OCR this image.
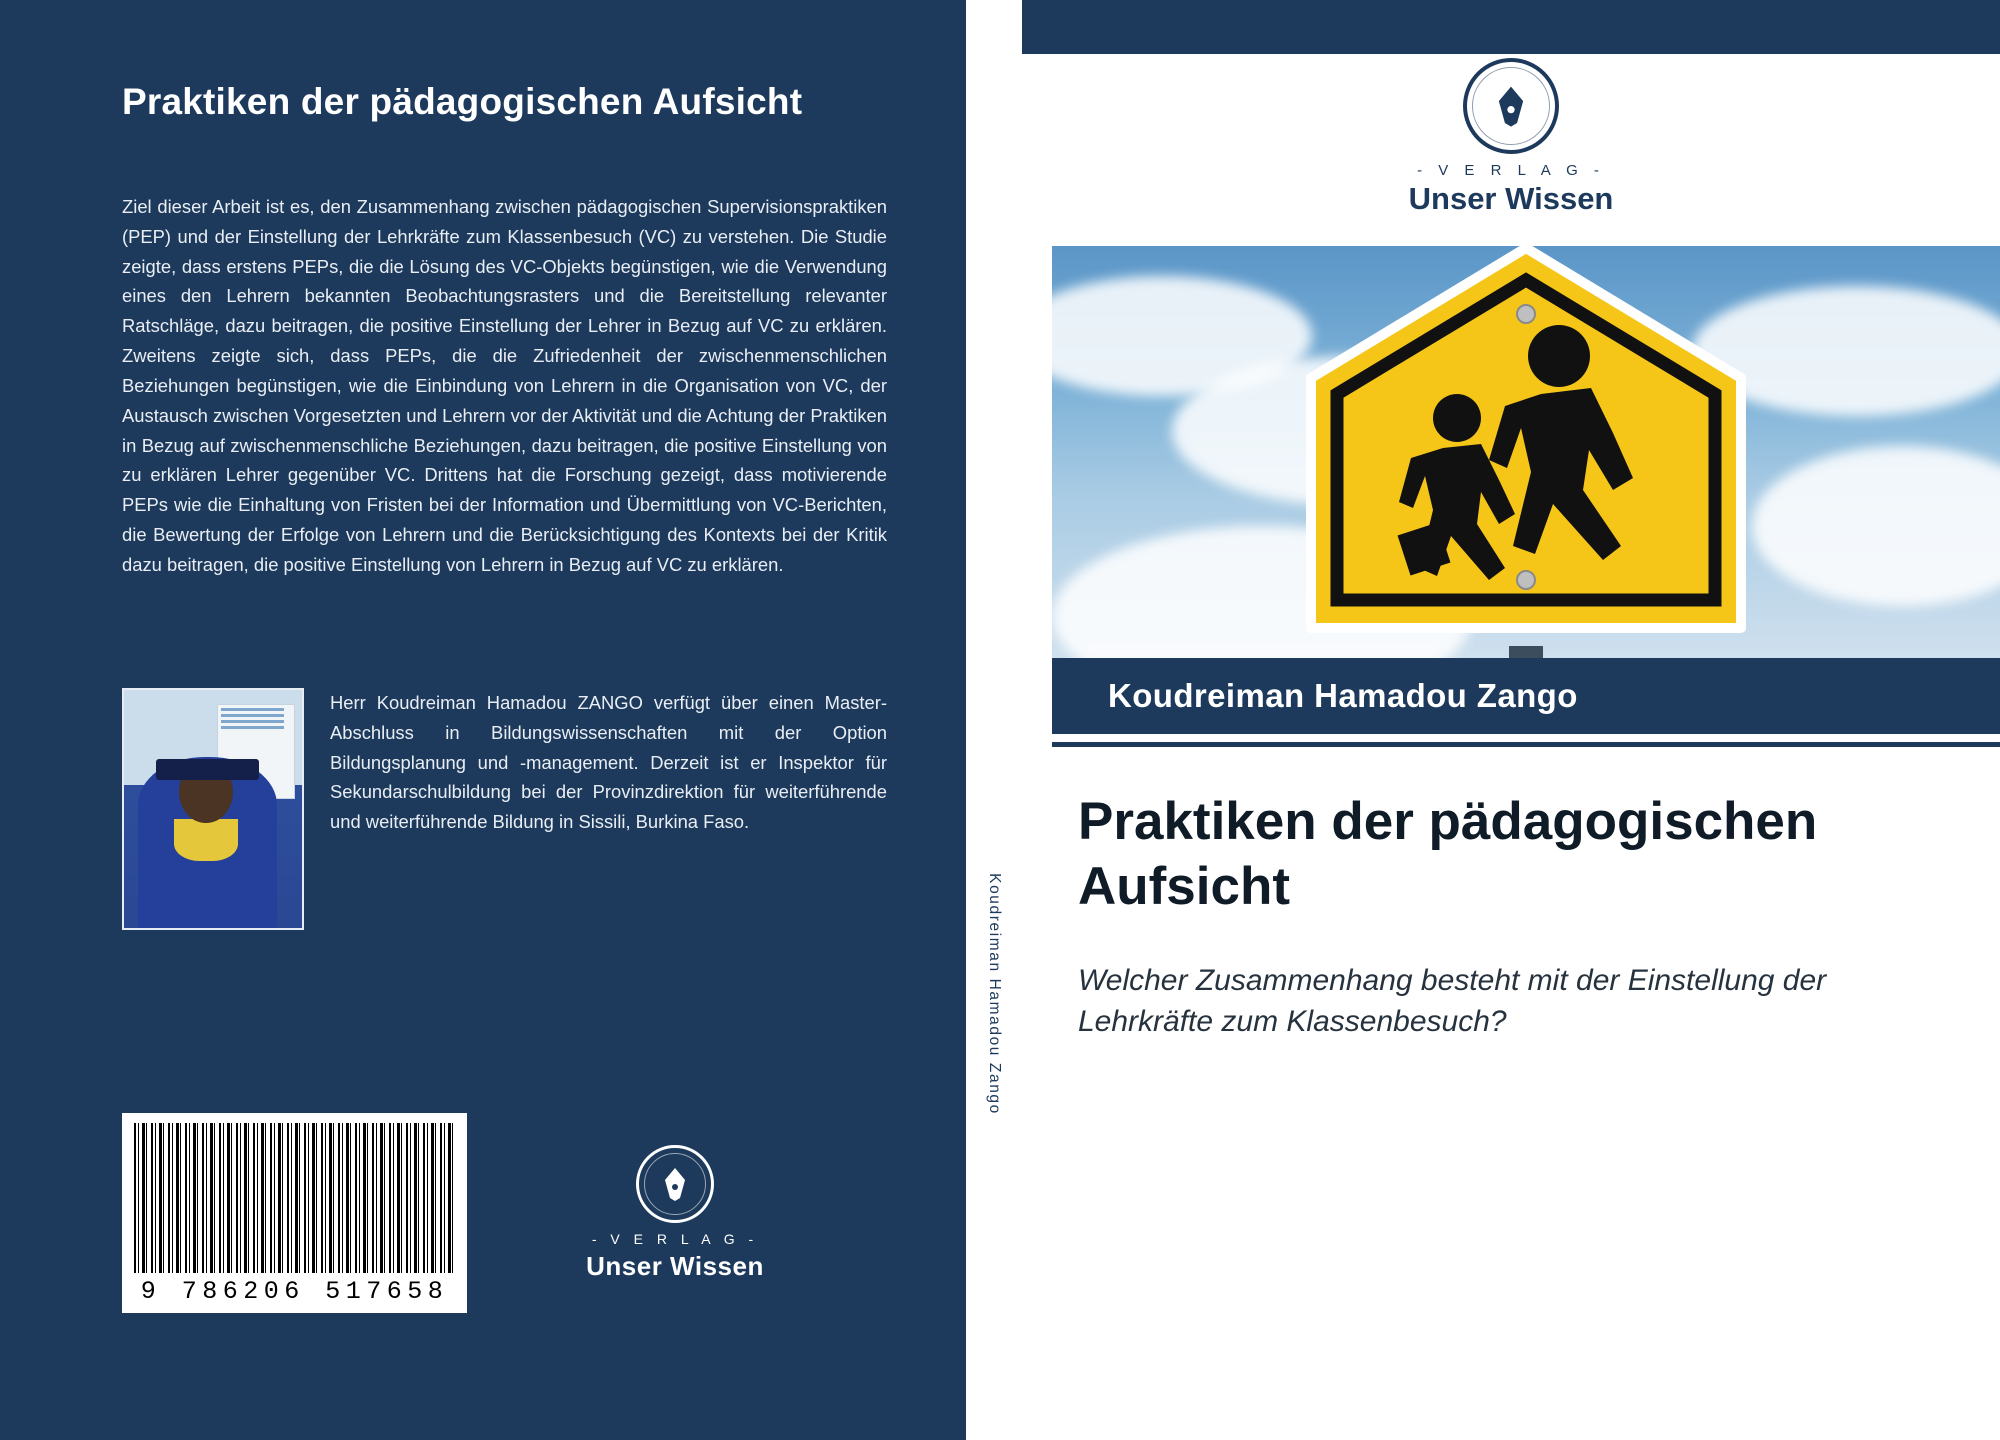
Praktiken der pädagogischen Aufsicht
Ziel dieser Arbeit ist es, den Zusammenhang zwischen pädagogischen Supervisionspraktiken (PEP) und der Einstellung der Lehrkräfte zum Klassenbesuch (VC) zu verstehen. Die Studie zeigte, dass erstens PEPs, die die Lösung des VC-Objekts begünstigen, wie die Verwendung eines den Lehrern bekannten Beobachtungsrasters und die Bereitstellung relevanter Ratschläge, dazu beitragen, die positive Einstellung der Lehrer in Bezug auf VC zu erklären. Zweitens zeigte sich, dass PEPs, die die Zufriedenheit der zwischenmenschlichen Beziehungen begünstigen, wie die Einbindung von Lehrern in die Organisation von VC, der Austausch zwischen Vorgesetzten und Lehrern vor der Aktivität und die Achtung der Praktiken in Bezug auf zwischenmenschliche Beziehungen, dazu beitragen, die positive Einstellung von zu erklären Lehrer gegenüber VC. Drittens hat die Forschung gezeigt, dass motivierende PEPs wie die Einhaltung von Fristen bei der Information und Übermittlung von VC-Berichten, die Bewertung der Erfolge von Lehrern und die Berücksichtigung des Kontexts bei der Kritik dazu beitragen, die positive Einstellung von Lehrern in Bezug auf VC zu erklären.
Herr Koudreiman Hamadou ZANGO verfügt über einen Master-Abschluss in Bildungswissenschaften mit der Option Bildungsplanung und -management. Derzeit ist er Inspektor für Sekundarschulbildung bei der Provinzdirektion für weiterführende und weiterführende Bildung in Sissili, Burkina Faso.
9 786206 517658
- V E R L A G -
Unser Wissen
Koudreiman Hamadou Zango
- V E R L A G -
Unser Wissen
Koudreiman Hamadou Zango
Praktiken der pädagogischen Aufsicht
Welcher Zusammenhang besteht mit der Einstellung der Lehrkräfte zum Klassenbesuch?
